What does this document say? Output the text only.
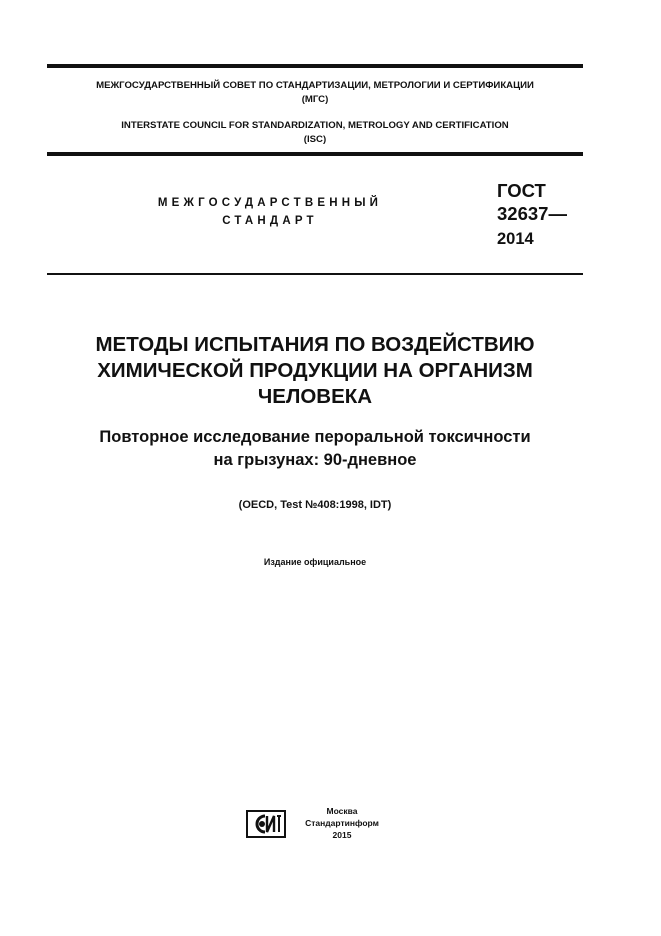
МЕЖГОСУДАРСТВЕННЫЙ СОВЕТ ПО СТАНДАРТИЗАЦИИ, МЕТРОЛОГИИ И СЕРТИФИКАЦИИ
(МГС)
INTERSTATE COUNCIL FOR STANDARDIZATION, METROLOGY AND CERTIFICATION
(ISC)
МЕЖГОСУДАРСТВЕННЫЙ
СТАНДАРТ
ГОСТ
32637—
2014
МЕТОДЫ ИСПЫТАНИЯ ПО ВОЗДЕЙСТВИЮ
ХИМИЧЕСКОЙ ПРОДУКЦИИ НА ОРГАНИЗМ
ЧЕЛОВЕКА
Повторное исследование пероральной токсичности
на грызунах: 90-дневное
(OECD, Test №408:1998, IDT)
Издание официальное
Москва
Стандартинформ
2015
